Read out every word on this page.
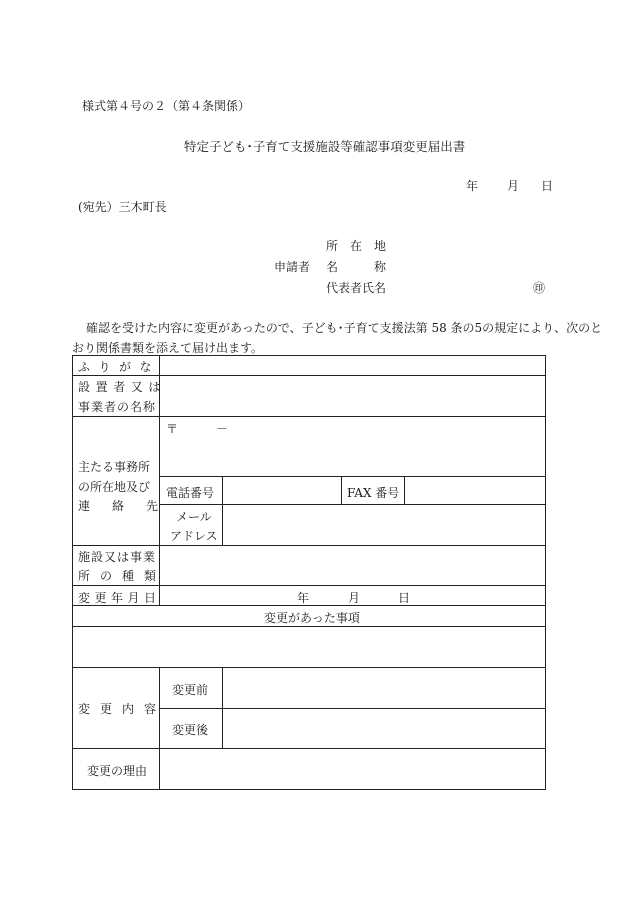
様式第４号の２（第４条関係）
特定子ども･子育て支援施設等確認事項変更届出書
年 月 日
(宛先）三木町長
所　在　地
申請者 名　　　称
代表者氏名	㊞
確認を受けた内容に変更があったので、子ども･子育て支援法第 58 条の5の規定により、次のと
おり関係書類を添えて届け出ます。
ふりがな
設置者又は
事業者の名称
主たる事務所
の所在地及び
連絡先
〒	－
電話番号	FAX 番号
メール
アドレス
施設又は事業
所の種類
変更年月日	年	月	日
変更があった事項
変更内容
変更前
変更後
変更の理由
